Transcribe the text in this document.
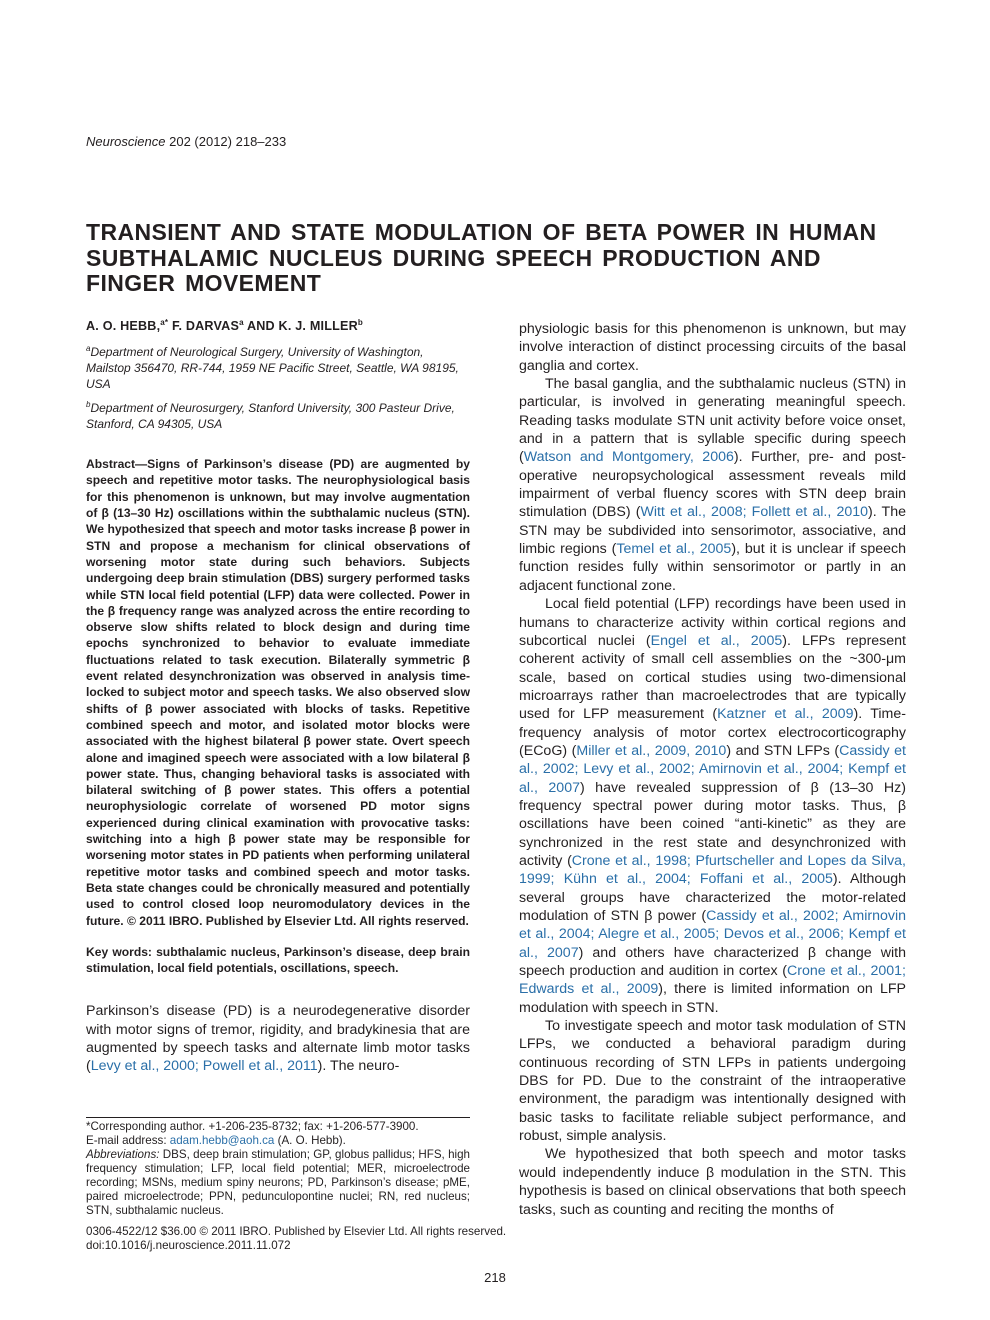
Neuroscience 202 (2012) 218–233
TRANSIENT AND STATE MODULATION OF BETA POWER IN HUMAN SUBTHALAMIC NUCLEUS DURING SPEECH PRODUCTION AND FINGER MOVEMENT

A. O. HEBB,$^{a*}$ F. DARVAS$^a$ AND K. J. MILLER$^b$

$^a$Department of Neurological Surgery, University of Washington, Mailstop 356470, RR-744, 1959 NE Pacific Street, Seattle, WA 98195, USA

$^b$Department of Neurosurgery, Stanford University, 300 Pasteur Drive, Stanford, CA 94305, USA

Abstract—Signs of Parkinson’s disease (PD) are augmented by speech and repetitive motor tasks. The neurophysiological basis for this phenomenon is unknown, but may involve augmentation of β (13–30 Hz) oscillations within the subthalamic nucleus (STN). We hypothesized that speech and motor tasks increase β power in STN and propose a mechanism for clinical observations of worsening motor state during such behaviors. Subjects undergoing deep brain stimulation (DBS) surgery performed tasks while STN local field potential (LFP) data were collected. Power in the β frequency range was analyzed across the entire recording to observe slow shifts related to block design and during time epochs synchronized to behavior to evaluate immediate fluctuations related to task execution. Bilaterally symmetric β event related desynchronization was observed in analysis time-locked to subject motor and speech tasks. We also observed slow shifts of β power associated with blocks of tasks. Repetitive combined speech and motor, and isolated motor blocks were associated with the highest bilateral β power state. Overt speech alone and imagined speech were associated with a low bilateral β power state. Thus, changing behavioral tasks is associated with bilateral switching of β power states. This offers a potential neurophysiologic correlate of worsened PD motor signs experienced during clinical examination with provocative tasks: switching into a high β power state may be responsible for worsening motor states in PD patients when performing unilateral repetitive motor tasks and combined speech and motor tasks. Beta state changes could be chronically measured and potentially used to control closed loop neuromodulatory devices in the future. © 2011 IBRO. Published by Elsevier Ltd. All rights reserved.

Key words: subthalamic nucleus, Parkinson’s disease, deep brain stimulation, local field potentials, oscillations, speech.

Parkinson’s disease (PD) is a neurodegenerative disorder with motor signs of tremor, rigidity, and bradykinesia that are augmented by speech tasks and alternate limb motor tasks (Levy et al., 2000; Powell et al., 2011). The neuro-

physiologic basis for this phenomenon is unknown, but may involve interaction of distinct processing circuits of the basal ganglia and cortex.

The basal ganglia, and the subthalamic nucleus (STN) in particular, is involved in generating meaningful speech. Reading tasks modulate STN unit activity before voice onset, and in a pattern that is syllable specific during speech (Watson and Montgomery, 2006). Further, pre- and post-operative neuropsychological assessment reveals mild impairment of verbal fluency scores with STN deep brain stimulation (DBS) (Witt et al., 2008; Follett et al., 2010). The STN may be subdivided into sensorimotor, associative, and limbic regions (Temel et al., 2005), but it is unclear if speech function resides fully within sensorimotor or partly in an adjacent functional zone.

Local field potential (LFP) recordings have been used in humans to characterize activity within cortical regions and subcortical nuclei (Engel et al., 2005). LFPs represent coherent activity of small cell assemblies on the ~300-μm scale, based on cortical studies using two-dimensional microarrays rather than macroelectrodes that are typically used for LFP measurement (Katzner et al., 2009). Time-frequency analysis of motor cortex electrocorticography (ECoG) (Miller et al., 2009, 2010) and STN LFPs (Cassidy et al., 2002; Levy et al., 2002; Amirnovin et al., 2004; Kempf et al., 2007) have revealed suppression of β (13–30 Hz) frequency spectral power during motor tasks. Thus, β oscillations have been coined “anti-kinetic” as they are synchronized in the rest state and desynchronized with activity (Crone et al., 1998; Pfurtscheller and Lopes da Silva, 1999; Kühn et al., 2004; Foffani et al., 2005). Although several groups have characterized the motor-related modulation of STN β power (Cassidy et al., 2002; Amirnovin et al., 2004; Alegre et al., 2005; Devos et al., 2006; Kempf et al., 2007) and others have characterized β change with speech production and audition in cortex (Crone et al., 2001; Edwards et al., 2009), there is limited information on LFP modulation with speech in STN.

To investigate speech and motor task modulation of STN LFPs, we conducted a behavioral paradigm during continuous recording of STN LFPs in patients undergoing DBS for PD. Due to the constraint of the intraoperative environment, the paradigm was intentionally designed with basic tasks to facilitate reliable subject performance, and robust, simple analysis.

We hypothesized that both speech and motor tasks would independently induce β modulation in the STN. This hypothesis is based on clinical observations that both speech tasks, such as counting and reciting the months of

*Corresponding author. +1-206-235-8732; fax: +1-206-577-3900.

E-mail address: adam.hebb@aoh.ca (A. O. Hebb).

Abbreviations: DBS, deep brain stimulation; GP, globus pallidus; HFS, high frequency stimulation; LFP, local field potential; MER, microelectrode recording; MSNs, medium spiny neurons; PD, Parkinson’s disease; pME, paired microelectrode; PPN, pedunculopontine nuclei; RN, red nucleus; STN, subthalamic nucleus.

0306-4522/12 $36.00 © 2011 IBRO. Published by Elsevier Ltd. All rights reserved.

doi:10.1016/j.neuroscience.2011.11.072

218
